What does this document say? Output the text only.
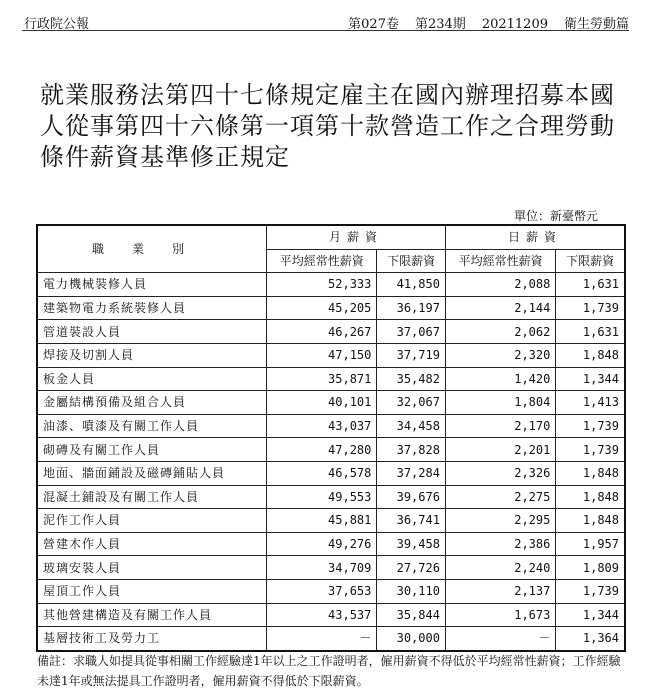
行政院公報	第027卷 第234期 20211209 衛生勞動篇
就業服務法第四十七條規定雇主在國內辦理招募本國人從事第四十六條第一項第十款營造工作之合理勞動條件薪資基準修正規定
單位：新臺幣元
職業別	月薪資		日薪資	
	平均經常性薪資	下限薪資	平均經常性薪資	下限薪資
電力機械裝修人員	52,333	41,850	2,088	1,631
建築物電力系統裝修人員	45,205	36,197	2,144	1,739
管道裝設人員	46,267	37,067	2,062	1,631
焊接及切割人員	47,150	37,719	2,320	1,848
板金人員	35,871	35,482	1,420	1,344
金屬結構預備及組合人員	40,101	32,067	1,804	1,413
油漆、噴漆及有關工作人員	43,037	34,458	2,170	1,739
砌磚及有關工作人員	47,280	37,828	2,201	1,739
地面、牆面鋪設及磁磚鋪貼人員	46,578	37,284	2,326	1,848
混凝土鋪設及有關工作人員	49,553	39,676	2,275	1,848
泥作工作人員	45,881	36,741	2,295	1,848
營建木作人員	49,276	39,458	2,386	1,957
玻璃安裝人員	34,709	27,726	2,240	1,809
屋頂工作人員	37,653	30,110	2,137	1,739
其他營建構造及有關工作人員	43,537	35,844	1,673	1,344
基層技術工及勞力工	－	30,000	－	1,364
備註：求職人如提具從事相關工作經驗達1年以上之工作證明者，僱用薪資不得低於平均經常性薪資；工作經驗未達1年或無法提具工作證明者，僱用薪資不得低於下限薪資。
